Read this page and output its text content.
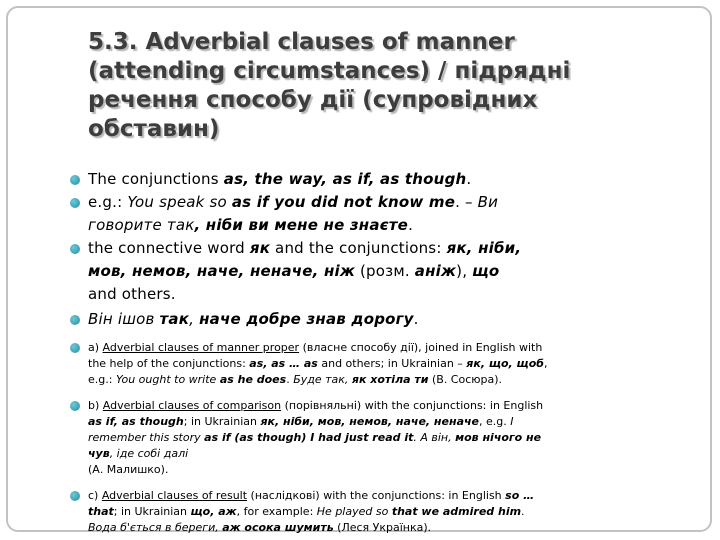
5.3. Adverbial clauses of manner
(attending circumstances) / підрядні
речення способу дії (супровідних
обставин)
The conjunctions as, the way, as if, as though.
e.g.: You speak so as if you did not know me. – Ви
говорите так, ніби ви мене не знаєте.
the connective word як and the conjunctions: як, ніби,
мов, немов, наче, неначе, ніж (розм. аніж), що
and others.
Він ішов так, наче добре знав дорогу.
a) Adverbial clauses of manner proper (власне способу дії), joined in English with
the help of the conjunctions: as, as … as and others; in Ukrainian – як, що, щоб,
e.g.: You ought to write as he does. Буде так, як хотіла ти (В. Сосюра).
b) Adverbial clauses of comparison (порівняльні) with the conjunctions: in English
as if, as though; in Ukrainian як, ніби, мов, немов, наче, неначе, e.g. I
remember this story as if (as though) I had just read it. А він, мов нічого не
чув, іде собі далі
(А. Малишко).
c) Adverbial clauses of result (наслідкові) with the conjunctions: in English so …
that; in Ukrainian що, аж, for example: He played so that we admired him.
Вода б'ється в береги, аж осока шумить (Леся Українка).
